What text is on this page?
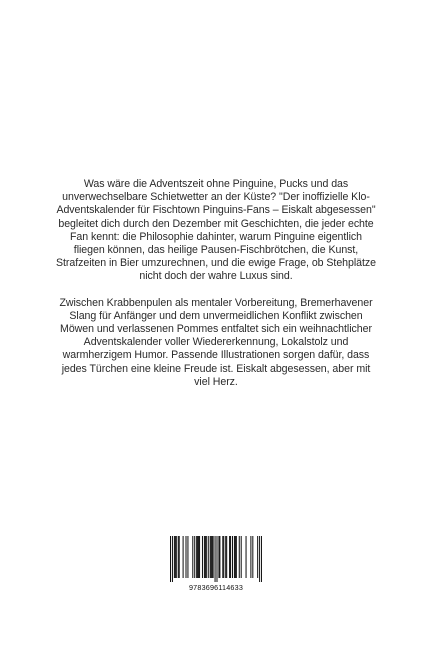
Was wäre die Adventszeit ohne Pinguine, Pucks und das unverwechselbare Schietwetter an der Küste? "Der inoffizielle Klo-Adventskalender für Fischtown Pinguins-Fans – Eiskalt abgesessen" begleitet dich durch den Dezember mit Geschichten, die jeder echte Fan kennt: die Philosophie dahinter, warum Pinguine eigentlich fliegen können, das heilige Pausen-Fischbrötchen, die Kunst, Strafzeiten in Bier umzurechnen, und die ewige Frage, ob Stehplätze nicht doch der wahre Luxus sind.

Zwischen Krabbenpulen als mentaler Vorbereitung, Bremerhavener Slang für Anfänger und dem unvermeidlichen Konflikt zwischen Möwen und verlassenen Pommes entfaltet sich ein weihnachtlicher Adventskalender voller Wiedererkennung, Lokalstolz und warmherzigem Humor. Passende Illustrationen sorgen dafür, dass jedes Türchen eine kleine Freude ist. Eiskalt abgesessen, aber mit viel Herz.

9783696114633
